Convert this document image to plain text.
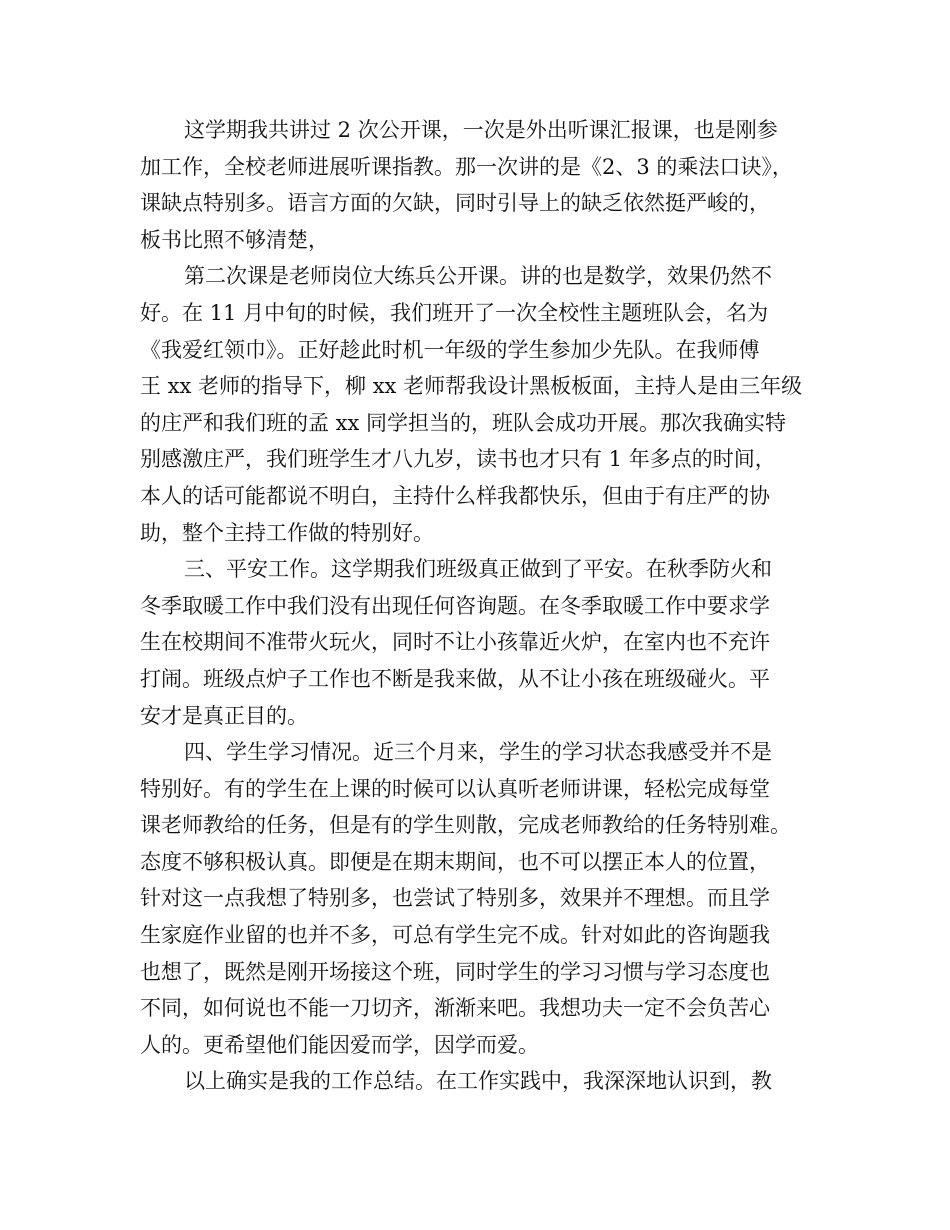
这学期我共讲过 2 次公开课，一次是外出听课汇报课，也是刚参
加工作，全校老师进展听课指教。那一次讲的是《2、3 的乘法口诀》，
课缺点特别多。语言方面的欠缺，同时引导上的缺乏依然挺严峻的，
板书比照不够清楚，
第二次课是老师岗位大练兵公开课。讲的也是数学，效果仍然不
好。在 11 月中旬的时候，我们班开了一次全校性主题班队会，名为
《我爱红领巾》。正好趁此时机一年级的学生参加少先队。在我师傅
王 xx 老师的指导下，柳 xx 老师帮我设计黑板板面，主持人是由三年级
的庄严和我们班的孟 xx 同学担当的，班队会成功开展。那次我确实特
别感激庄严，我们班学生才八九岁，读书也才只有 1 年多点的时间，
本人的话可能都说不明白，主持什么样我都快乐，但由于有庄严的协
助，整个主持工作做的特别好。
三、平安工作。这学期我们班级真正做到了平安。在秋季防火和
冬季取暖工作中我们没有出现任何咨询题。在冬季取暖工作中要求学
生在校期间不准带火玩火，同时不让小孩靠近火炉，在室内也不充许
打闹。班级点炉子工作也不断是我来做，从不让小孩在班级碰火。平
安才是真正目的。
四、学生学习情况。近三个月来，学生的学习状态我感受并不是
特别好。有的学生在上课的时候可以认真听老师讲课，轻松完成每堂
课老师教给的任务，但是有的学生则散，完成老师教给的任务特别难。
态度不够积极认真。即便是在期末期间，也不可以摆正本人的位置，
针对这一点我想了特别多，也尝试了特别多，效果并不理想。而且学
生家庭作业留的也并不多，可总有学生完不成。针对如此的咨询题我
也想了，既然是刚开场接这个班，同时学生的学习习惯与学习态度也
不同，如何说也不能一刀切齐，渐渐来吧。我想功夫一定不会负苦心
人的。更希望他们能因爱而学，因学而爱。
以上确实是我的工作总结。在工作实践中，我深深地认识到，教
